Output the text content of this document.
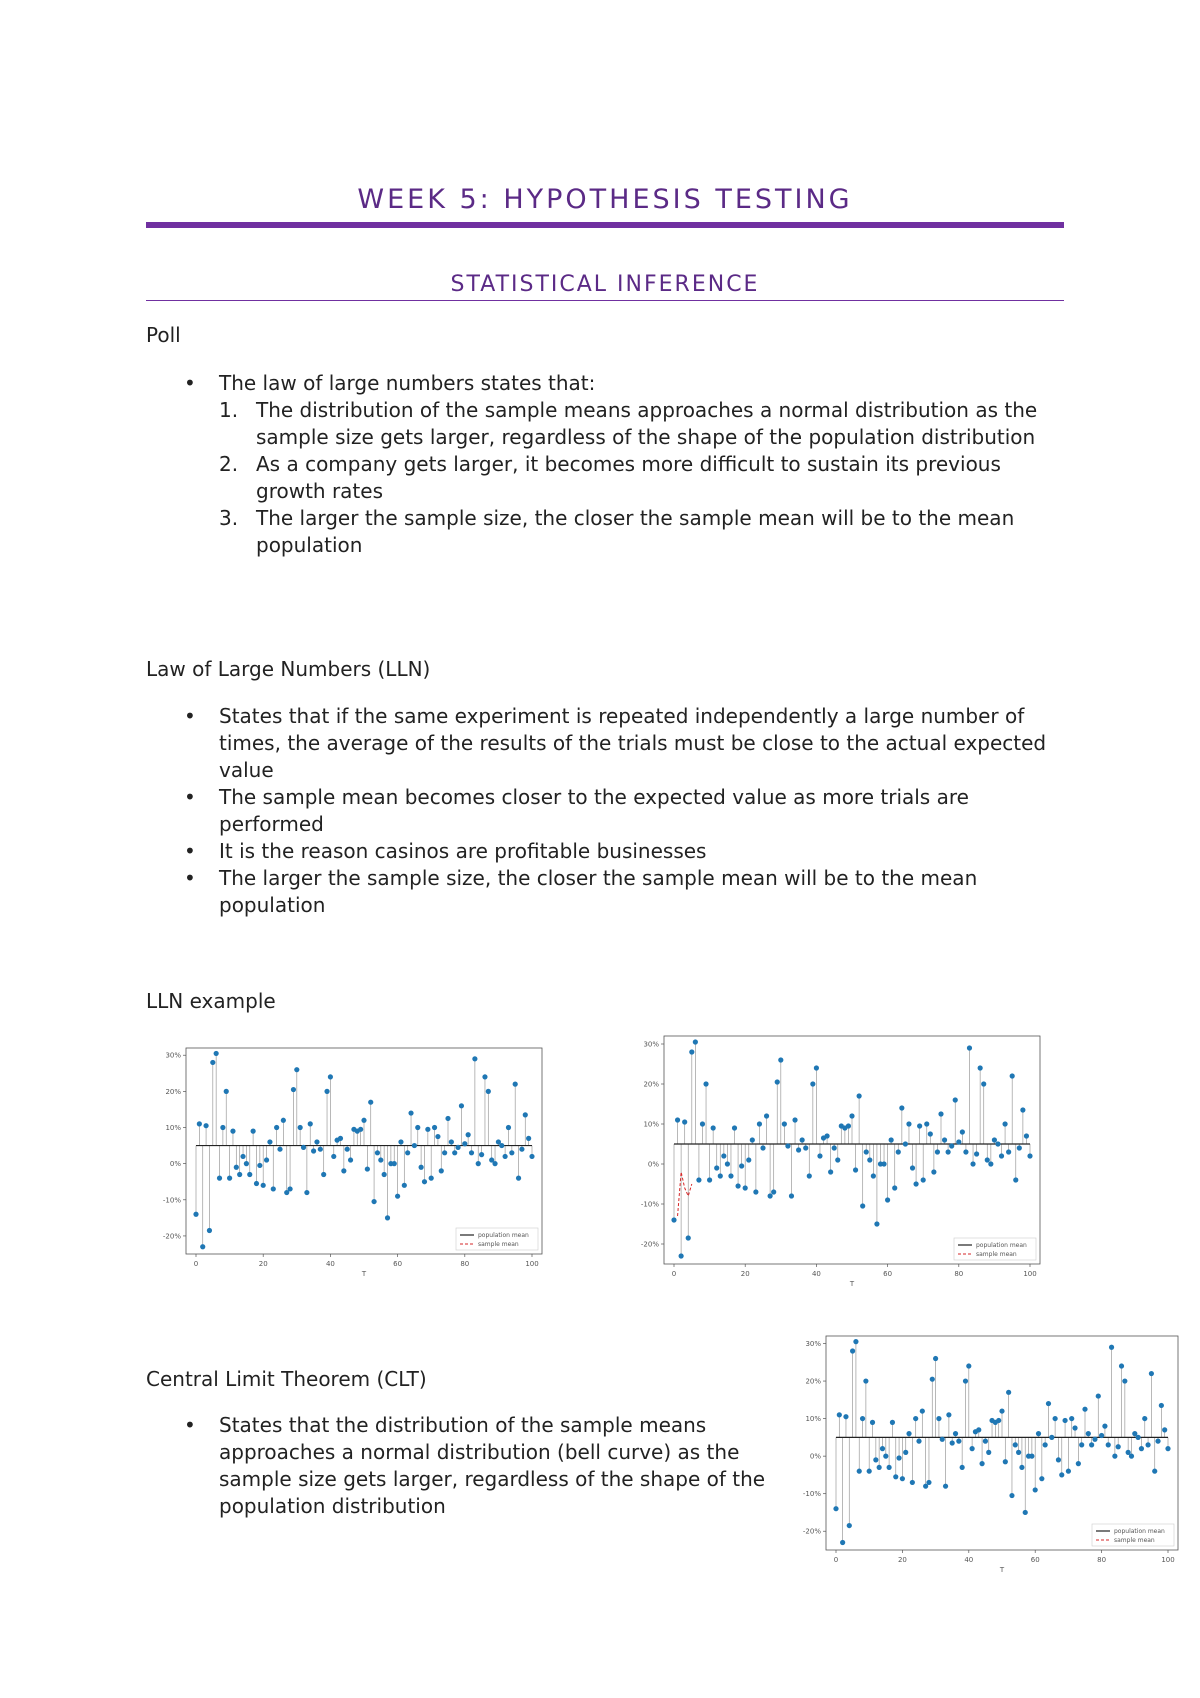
WEEK 5: HYPOTHESIS TESTING
STATISTICAL INFERENCE
Poll
• The law of large numbers states that:
1. The distribution of the sample means approaches a normal distribution as the sample size gets larger, regardless of the shape of the population distribution
2. As a company gets larger, it becomes more difficult to sustain its previous growth rates
3. The larger the sample size, the closer the sample mean will be to the mean population
Law of Large Numbers (LLN)
• States that if the same experiment is repeated independently a large number of times, the average of the results of the trials must be close to the actual expected value
• The sample mean becomes closer to the expected value as more trials are performed
• It is the reason casinos are profitable businesses
• The larger the sample size, the closer the sample mean will be to the mean population
LLN example
30%
20%
10%
0%
-10%
-20%
0	20	40	60	80	100
T
population mean
sample mean
30%
20%
10%
0%
-10%
-20%
0	20	40	60	80	100
T
population mean
sample mean
Central Limit Theorem (CLT)
• States that the distribution of the sample means approaches a normal distribution (bell curve) as the sample size gets larger, regardless of the shape of the population distribution
30%
20%
10%
0%
-10%
-20%
0	20	40	60	80	100
T
population mean
sample mean
